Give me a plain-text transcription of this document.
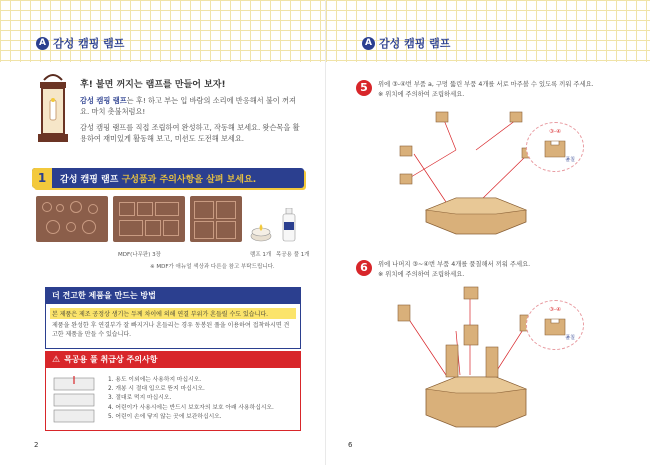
A 감성 캠핑 램프
후! 불면 꺼지는 램프를 만들어 보자!

감성 캠핑 램프는 후! 하고 부는 입 바람의 소리에 반응해서 불이 꺼져요. 마치 촛불처럼요!

감성 캠핑 램프를 직접 조립하여 완성하고, 작동해 보세요. 왓슨목을 활용하여 재미있게 활동해 보고, 미션도 도전해 보세요.

1	감성 캠핑 램프 구성품과 주의사항을 살펴 보세요.
MDF(나무판) 3장	램프 1개 목공용 풀 1개
※ MDF가 애뉴얼 색상과 다른을 참고 부탁드립니다.
더 견고한 제품을 만드는 방법
본 제품은 제조 공정상 생기는 두께 차이에 의해 연결 부위가 흔들릴 수도 있습니다.
제품을 완성한 후 연결부가 잘 빠지거나 흔들리는 경우 동봉된 풀을 이용하여 접착하시면 견고한 제품을 만들 수 있습니다.
⚠ 목공용 풀 취급상 주의사항
1. 용도 이외에는 사용하지 마십시오.
2. 개봉 시 절대 입으로 뜯지 마십시오.
3. 절대로 먹지 마십시오.
4. 어린이가 사용시에는 반드시 보호자의 보호 아래 사용하십시오.
5. 어린이 손에 닿지 않는 곳에 보관하십시오.
2
A 감성 캠핑 램프
5	위에 ③-④번 부품 a, 구멍 뚫린 부품 4개를 서로 마주볼 수 있도록 끼워 주세요.
※ 위치에 주의하여 조립하세요.
③-④
풀칠
6	위에 나머지 ③~④번 부품 4개를 풀칠해서 끼워 주세요.
※ 위치에 주의하여 조립하세요.
③-④
풀칠
6
